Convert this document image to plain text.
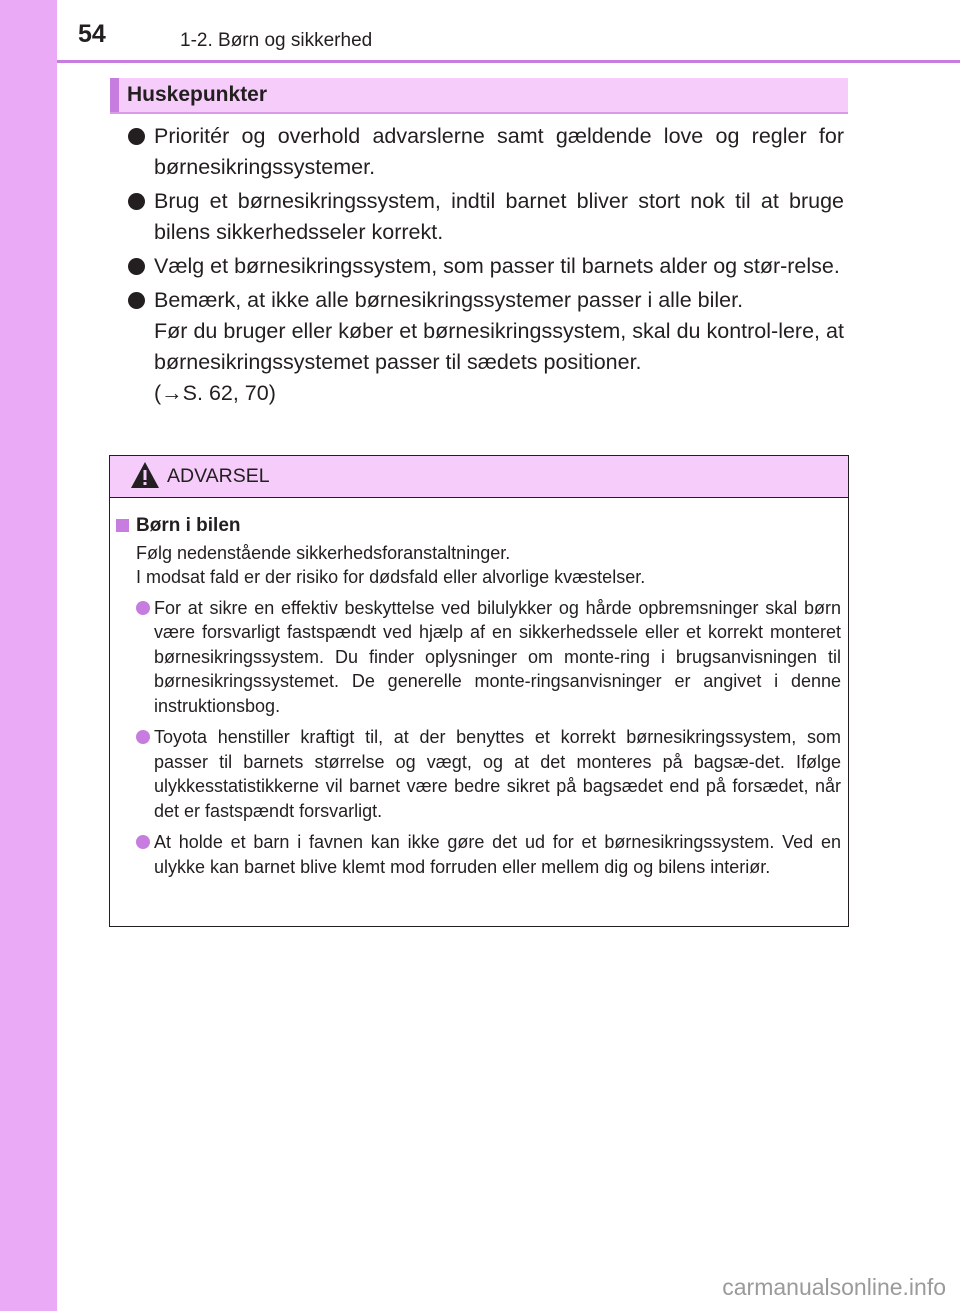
54	1-2. Børn og sikkerhed
Huskepunkter

Prioritér og overhold advarslerne samt gældende love og regler for børnesikringssystemer.

Brug et børnesikringssystem, indtil barnet bliver stort nok til at bruge bilens sikkerhedsseler korrekt.

Vælg et børnesikringssystem, som passer til barnets alder og stør-relse.

Bemærk, at ikke alle børnesikringssystemer passer i alle biler.

Før du bruger eller køber et børnesikringssystem, skal du kontrol-lere, at børnesikringssystemet passer til sædets positioner.

(→S. 62, 70)

ADVARSEL
Børn i bilen

Følg nedenstående sikkerhedsforanstaltninger.

I modsat fald er der risiko for dødsfald eller alvorlige kvæstelser.

For at sikre en effektiv beskyttelse ved bilulykker og hårde opbremsninger skal børn være forsvarligt fastspændt ved hjælp af en sikkerhedssele eller et korrekt monteret børnesikringssystem. Du finder oplysninger om monte-ring i brugsanvisningen til børnesikringssystemet. De generelle monte-ringsanvisninger er angivet i denne instruktionsbog.

Toyota henstiller kraftigt til, at der benyttes et korrekt børnesikringssystem, som passer til barnets størrelse og vægt, og at det monteres på bagsæ-det. Ifølge ulykkesstatistikkerne vil barnet være bedre sikret på bagsædet end på forsædet, når det er fastspændt forsvarligt.

At holde et barn i favnen kan ikke gøre det ud for et børnesikringssystem. Ved en ulykke kan barnet blive klemt mod forruden eller mellem dig og bilens interiør.

carmanualsonline.info
